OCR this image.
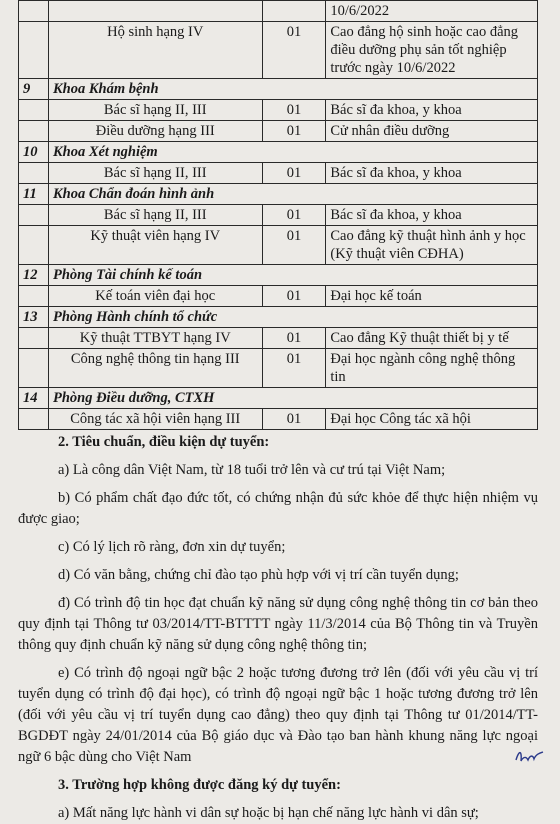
			10/6/2022
	Hộ sinh hạng IV	01	Cao đẳng hộ sinh hoặc cao đẳng điều dưỡng phụ sản tốt nghiệp trước ngày 10/6/2022
9	Khoa Khám bệnh		
	Bác sĩ hạng II, III	01	Bác sĩ đa khoa, y khoa
	Điều dưỡng hạng III	01	Cử nhân điều dưỡng
10	Khoa Xét nghiệm		
	Bác sĩ hạng II, III	01	Bác sĩ đa khoa, y khoa
11	Khoa Chẩn đoán hình ảnh		
	Bác sĩ hạng II, III	01	Bác sĩ đa khoa, y khoa
	Kỹ thuật viên hạng IV	01	Cao đẳng kỹ thuật hình ảnh y học (Kỹ thuật viên CĐHA)
12	Phòng Tài chính kế toán		
	Kế toán viên đại học	01	Đại học kế toán
13	Phòng Hành chính tổ chức		
	Kỹ thuật TTBYT hạng IV	01	Cao đẳng Kỹ thuật thiết bị y tế
	Công nghệ thông tin hạng III	01	Đại học ngành công nghệ thông tin
14	Phòng Điều dưỡng, CTXH		
	Công tác xã hội viên hạng III	01	Đại học Công tác xã hội

2. Tiêu chuẩn, điều kiện dự tuyển:

a) Là công dân Việt Nam, từ 18 tuổi trở lên và cư trú tại Việt Nam;

b) Có phẩm chất đạo đức tốt, có chứng nhận đủ sức khỏe để thực hiện nhiệm vụ được giao;

c) Có lý lịch rõ ràng, đơn xin dự tuyển;

d) Có văn bằng, chứng chỉ đào tạo phù hợp với vị trí cần tuyển dụng;

đ) Có trình độ tin học đạt chuẩn kỹ năng sử dụng công nghệ thông tin cơ bản theo quy định tại Thông tư 03/2014/TT-BTTTT ngày 11/3/2014 của Bộ Thông tin và Truyền thông quy định chuẩn kỹ năng sử dụng công nghệ thông tin;

e) Có trình độ ngoại ngữ bậc 2 hoặc tương đương trở lên (đối với yêu cầu vị trí tuyển dụng có trình độ đại học), có trình độ ngoại ngữ bậc 1 hoặc tương đương trở lên (đối với yêu cầu vị trí tuyển dụng cao đẳng) theo quy định tại Thông tư 01/2014/TT-BGDĐT ngày 24/01/2014 của Bộ giáo dục và Đào tạo ban hành khung năng lực ngoại ngữ 6 bậc dùng cho Việt Nam

3. Trường hợp không được đăng ký dự tuyển:

a) Mất năng lực hành vi dân sự hoặc bị hạn chế năng lực hành vi dân sự;
